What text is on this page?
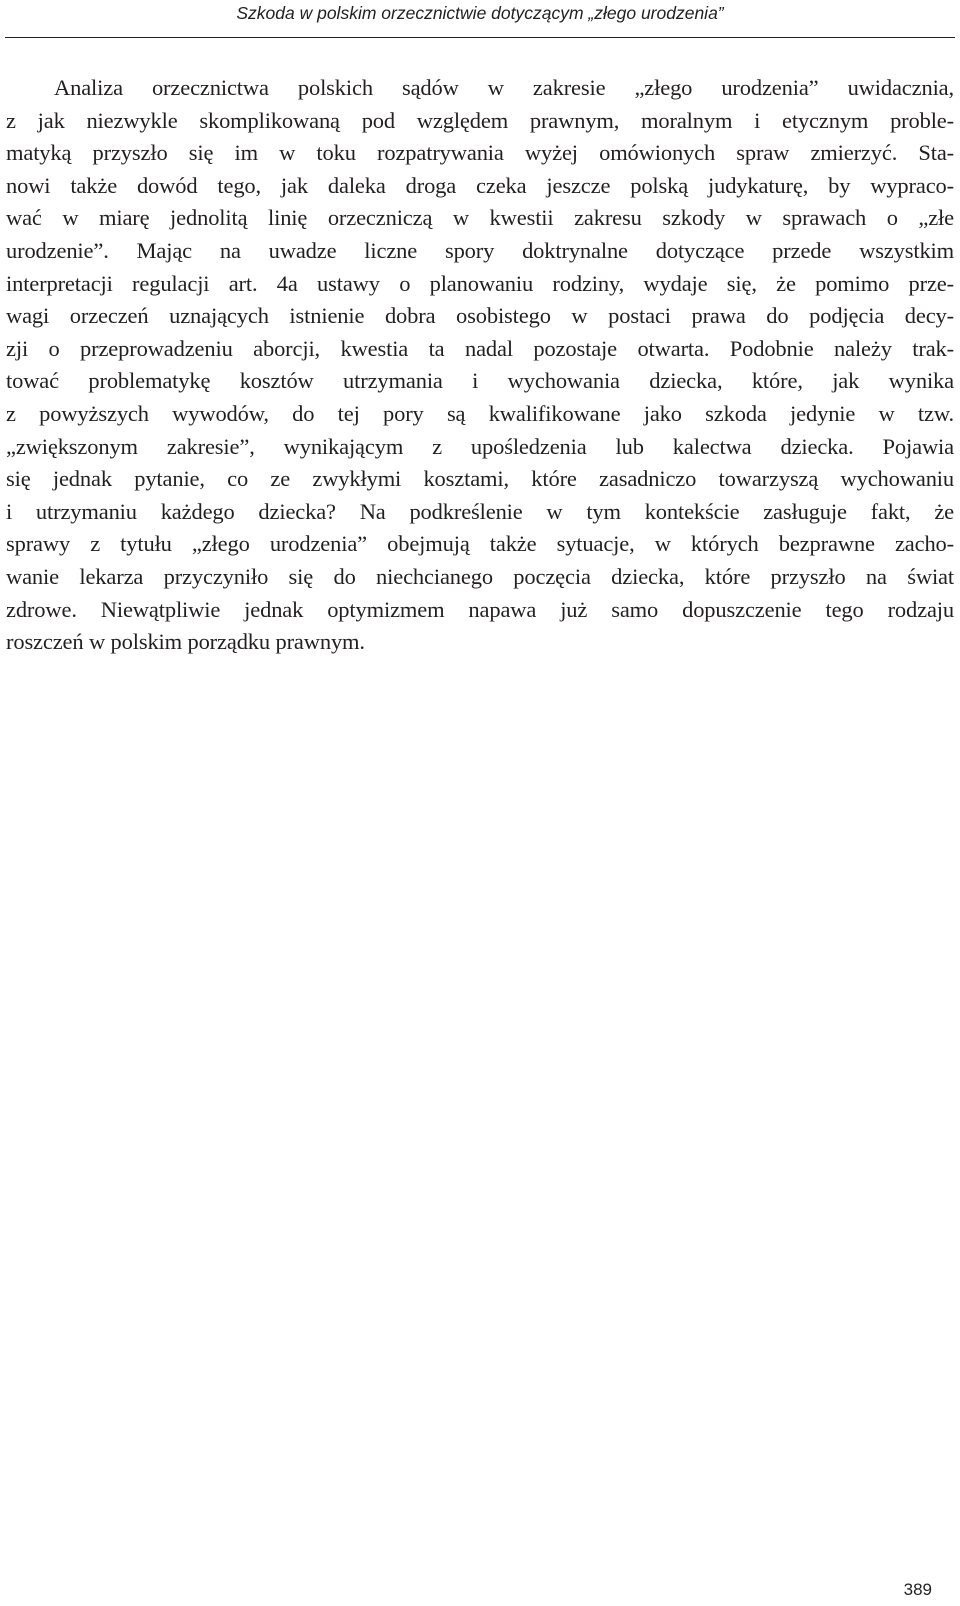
Szkoda w polskim orzecznictwie dotyczącym „złego urodzenia”
Analiza orzecznictwa polskich sądów w zakresie „złego urodzenia” uwidacznia,
z jak niezwykle skomplikowaną pod względem prawnym, moralnym i etycznym proble-
matyką przyszło się im w toku rozpatrywania wyżej omówionych spraw zmierzyć. Sta-
nowi także dowód tego, jak daleka droga czeka jeszcze polską judykaturę, by wypraco-
wać w miarę jednolitą linię orzeczniczą w kwestii zakresu szkody w sprawach o „złe
urodzenie”. Mając na uwadze liczne spory doktrynalne dotyczące przede wszystkim
interpretacji regulacji art. 4a ustawy o planowaniu rodziny, wydaje się, że pomimo prze-
wagi orzeczeń uznających istnienie dobra osobistego w postaci prawa do podjęcia decy-
zji o przeprowadzeniu aborcji, kwestia ta nadal pozostaje otwarta. Podobnie należy trak-
tować problematykę kosztów utrzymania i wychowania dziecka, które, jak wynika
z powyższych wywodów, do tej pory są kwalifikowane jako szkoda jedynie w tzw.
„zwiększonym zakresie”, wynikającym z upośledzenia lub kalectwa dziecka. Pojawia
się jednak pytanie, co ze zwykłymi kosztami, które zasadniczo towarzyszą wychowaniu
i utrzymaniu każdego dziecka? Na podkreślenie w tym kontekście zasługuje fakt, że
sprawy z tytułu „złego urodzenia” obejmują także sytuacje, w których bezprawne zacho-
wanie lekarza przyczyniło się do niechcianego poczęcia dziecka, które przyszło na świat
zdrowe. Niewątpliwie jednak optymizmem napawa już samo dopuszczenie tego rodzaju
roszczeń w polskim porządku prawnym.
389
